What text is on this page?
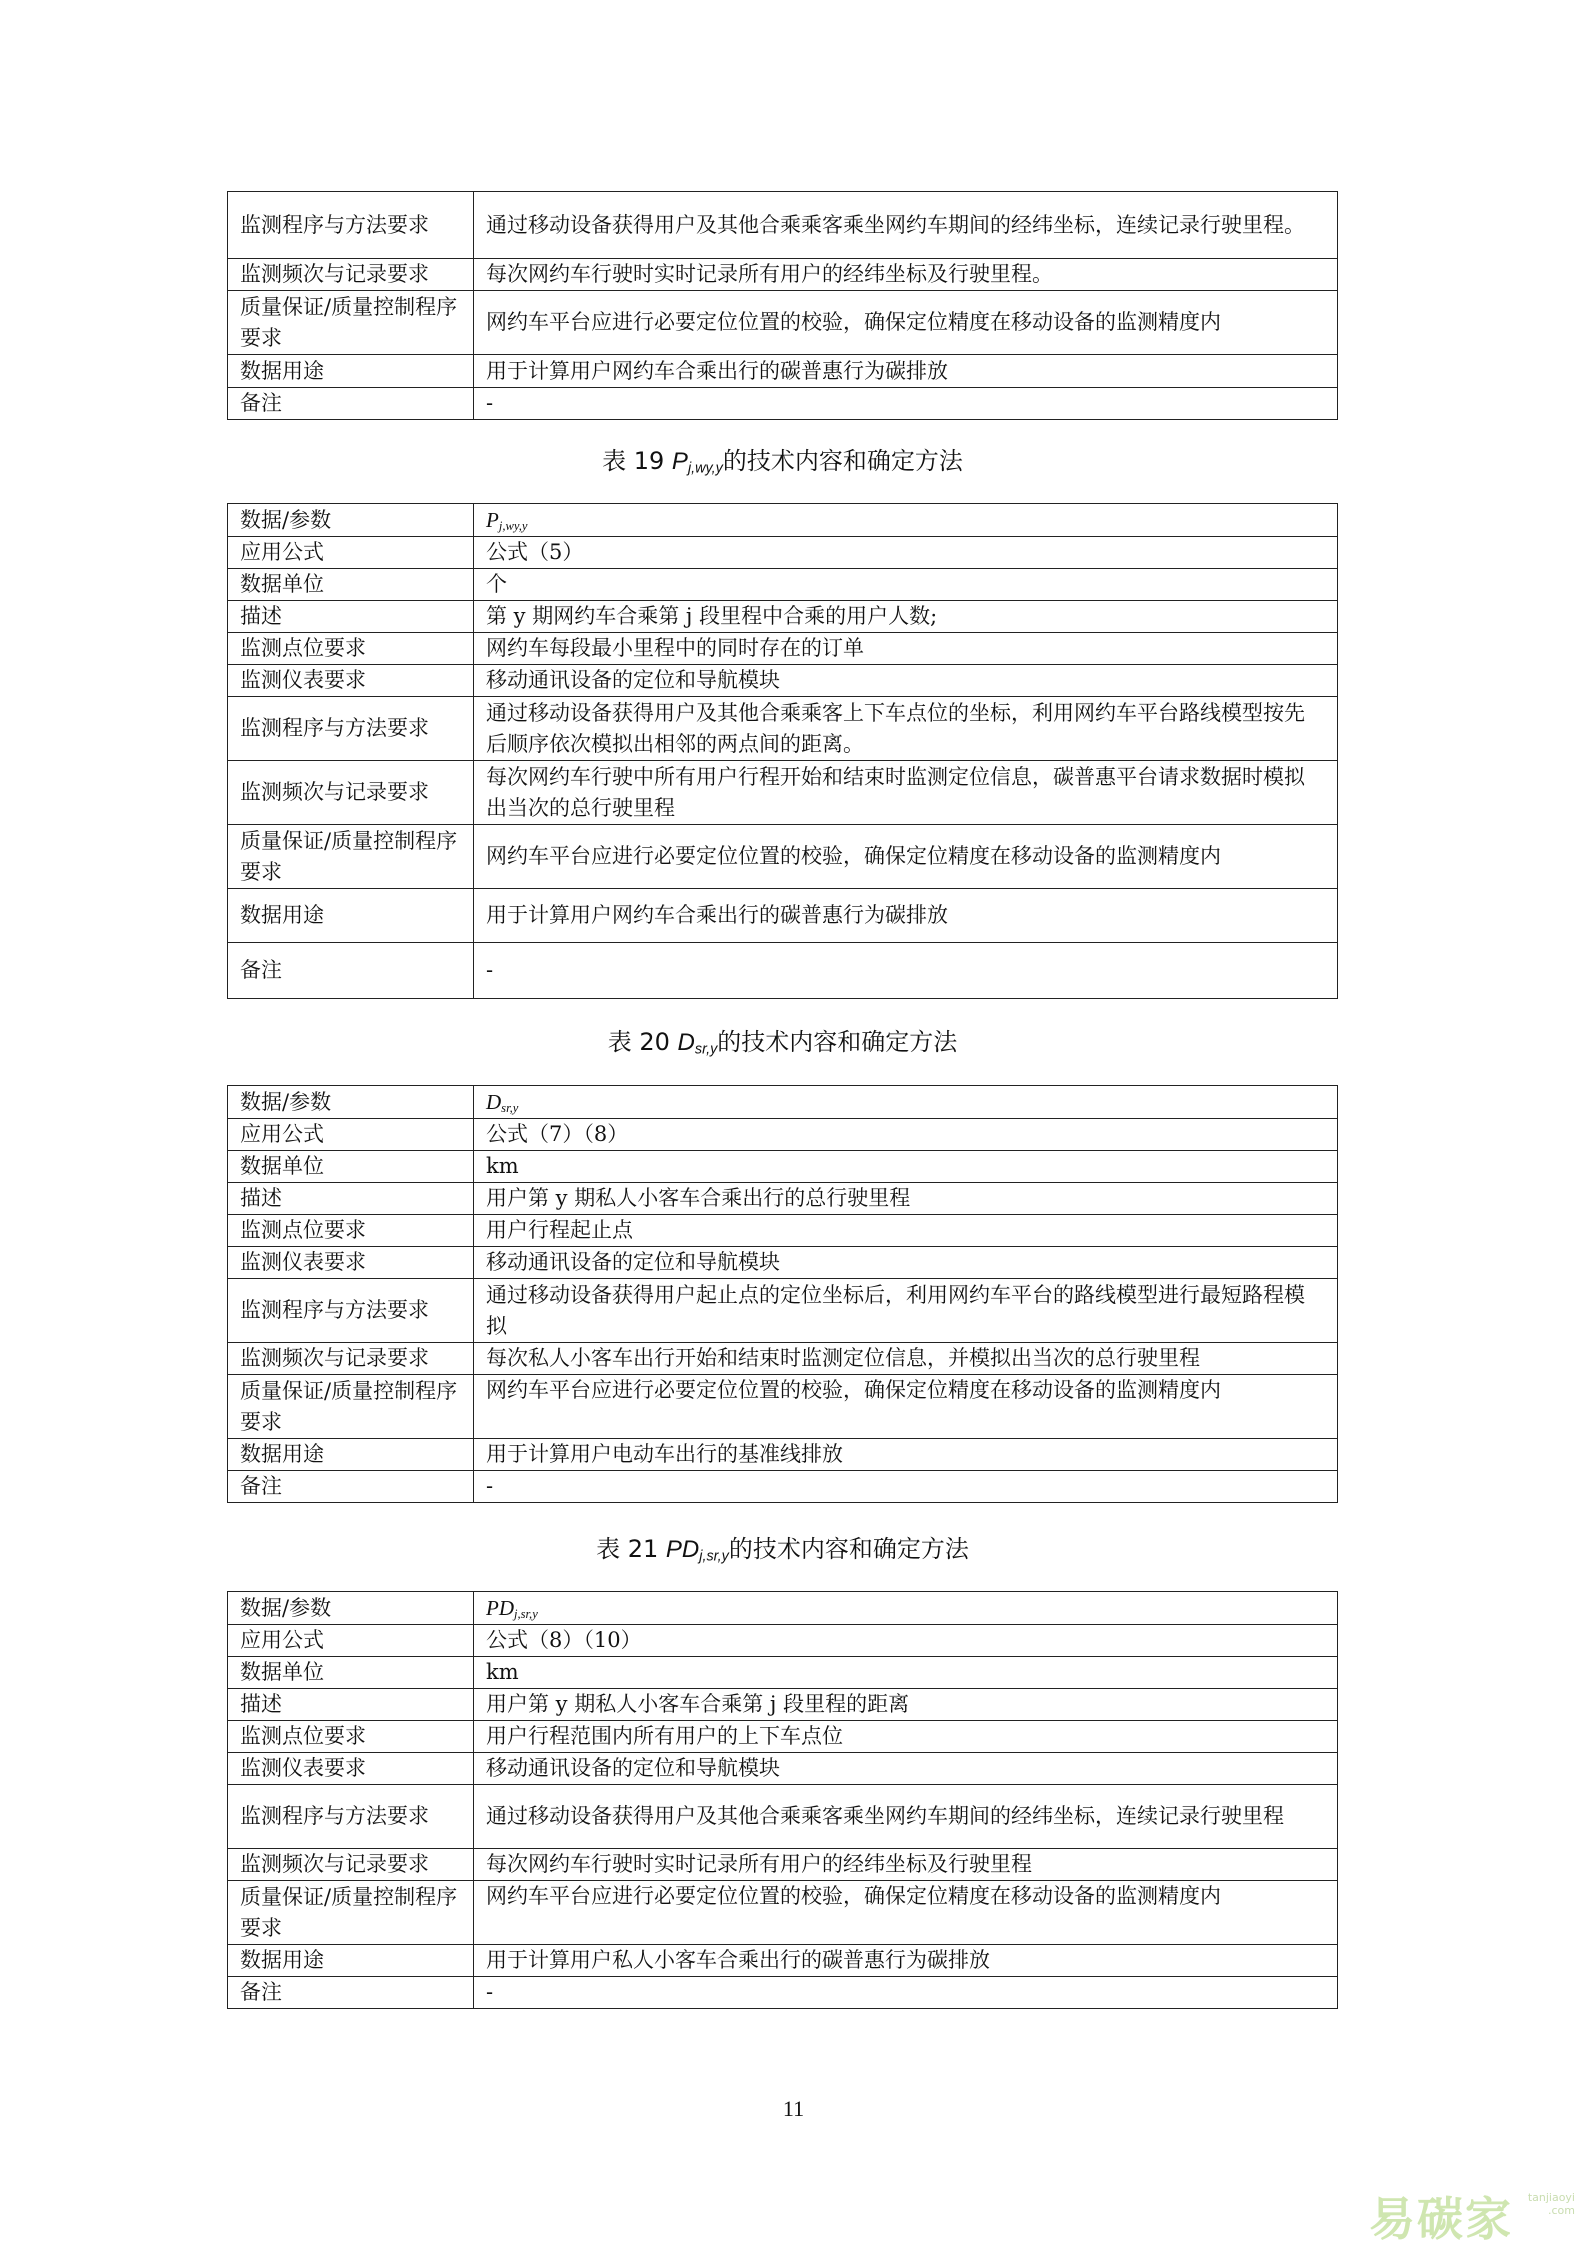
监测程序与方法要求	通过移动设备获得用户及其他合乘乘客乘坐网约车期间的经纬坐标，连续记录行驶里程。
监测频次与记录要求	每次网约车行驶时实时记录所有用户的经纬坐标及行驶里程。
质量保证/质量控制程序要求	网约车平台应进行必要定位位置的校验，确保定位精度在移动设备的监测精度内
数据用途	用于计算用户网约车合乘出行的碳普惠行为碳排放
备注	-
表 19 $P_{j,wy,y}$的技术内容和确定方法
数据/参数	$P_{j,wy,y}$
应用公式	公式（5）
数据单位	个
描述	第 y 期网约车合乘第 j 段里程中合乘的用户人数;
监测点位要求	网约车每段最小里程中的同时存在的订单
监测仪表要求	移动通讯设备的定位和导航模块
监测程序与方法要求	通过移动设备获得用户及其他合乘乘客上下车点位的坐标，利用网约车平台路线模型按先后顺序依次模拟出相邻的两点间的距离。
监测频次与记录要求	每次网约车行驶中所有用户行程开始和结束时监测定位信息，碳普惠平台请求数据时模拟出当次的总行驶里程
质量保证/质量控制程序要求	网约车平台应进行必要定位位置的校验，确保定位精度在移动设备的监测精度内
数据用途	用于计算用户网约车合乘出行的碳普惠行为碳排放
备注	-
表 20 $D_{sr,y}$的技术内容和确定方法
数据/参数	$D_{sr,y}$
应用公式	公式（7）（8）
数据单位	km
描述	用户第 y 期私人小客车合乘出行的总行驶里程
监测点位要求	用户行程起止点
监测仪表要求	移动通讯设备的定位和导航模块
监测程序与方法要求	通过移动设备获得用户起止点的定位坐标后，利用网约车平台的路线模型进行最短路程模拟
监测频次与记录要求	每次私人小客车出行开始和结束时监测定位信息，并模拟出当次的总行驶里程
质量保证/质量控制程序要求	网约车平台应进行必要定位位置的校验，确保定位精度在移动设备的监测精度内
数据用途	用于计算用户电动车出行的基准线排放
备注	-
表 21 $PD_{j,sr,y}$的技术内容和确定方法
数据/参数	$PD_{j,sr,y}$
应用公式	公式（8）（10）
数据单位	km
描述	用户第 y 期私人小客车合乘第 j 段里程的距离
监测点位要求	用户行程范围内所有用户的上下车点位
监测仪表要求	移动通讯设备的定位和导航模块
监测程序与方法要求	通过移动设备获得用户及其他合乘乘客乘坐网约车期间的经纬坐标，连续记录行驶里程
监测频次与记录要求	每次网约车行驶时实时记录所有用户的经纬坐标及行驶里程
质量保证/质量控制程序要求	网约车平台应进行必要定位位置的校验，确保定位精度在移动设备的监测精度内
数据用途	用于计算用户私人小客车合乘出行的碳普惠行为碳排放
备注	-
11
易碳家 tanjiaoyi
.com
